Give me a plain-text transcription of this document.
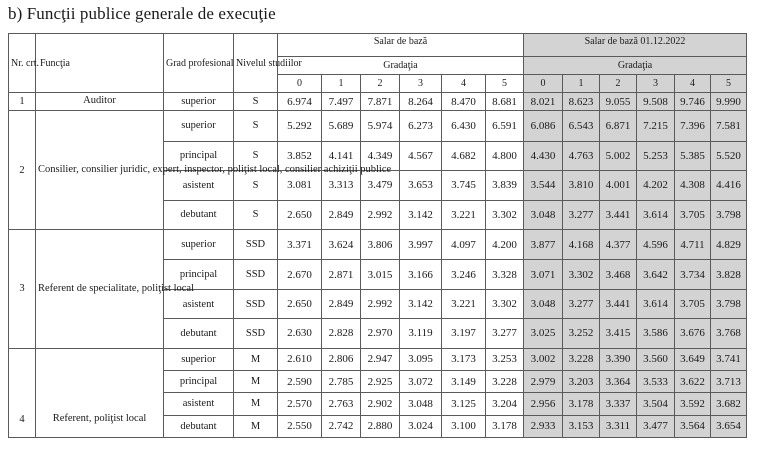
b) Funcţii publice generale de execuţie
Nr. crt.	Funcţia	Grad profesional	Nivelul studiilor	Salar de bază						Salar de bază 01.12.2022					
				Gradaţia						Gradaţia					
				0	1	2	3	4	5	0	1	2	3	4	5
1	Auditor	superior	S	6.974	7.497	7.871	8.264	8.470	8.681	8.021	8.623	9.055	9.508	9.746	9.990
2	Consilier, consilier juridic, expert, inspector, poliţist local, consilier achiziţii publice	superior	S	5.292	5.689	5.974	6.273	6.430	6.591	6.086	6.543	6.871	7.215	7.396	7.581
		principal	S	3.852	4.141	4.349	4.567	4.682	4.800	4.430	4.763	5.002	5.253	5.385	5.520
		asistent	S	3.081	3.313	3.479	3.653	3.745	3.839	3.544	3.810	4.001	4.202	4.308	4.416
		debutant	S	2.650	2.849	2.992	3.142	3.221	3.302	3.048	3.277	3.441	3.614	3.705	3.798
3	Referent de specialitate, poliţist local	superior	SSD	3.371	3.624	3.806	3.997	4.097	4.200	3.877	4.168	4.377	4.596	4.711	4.829
		principal	SSD	2.670	2.871	3.015	3.166	3.246	3.328	3.071	3.302	3.468	3.642	3.734	3.828
		asistent	SSD	2.650	2.849	2.992	3.142	3.221	3.302	3.048	3.277	3.441	3.614	3.705	3.798
		debutant	SSD	2.630	2.828	2.970	3.119	3.197	3.277	3.025	3.252	3.415	3.586	3.676	3.768
4	Referent, poliţist local	superior	M	2.610	2.806	2.947	3.095	3.173	3.253	3.002	3.228	3.390	3.560	3.649	3.741
		principal	M	2.590	2.785	2.925	3.072	3.149	3.228	2.979	3.203	3.364	3.533	3.622	3.713
		asistent	M	2.570	2.763	2.902	3.048	3.125	3.204	2.956	3.178	3.337	3.504	3.592	3.682
		debutant	M	2.550	2.742	2.880	3.024	3.100	3.178	2.933	3.153	3.311	3.477	3.564	3.654
